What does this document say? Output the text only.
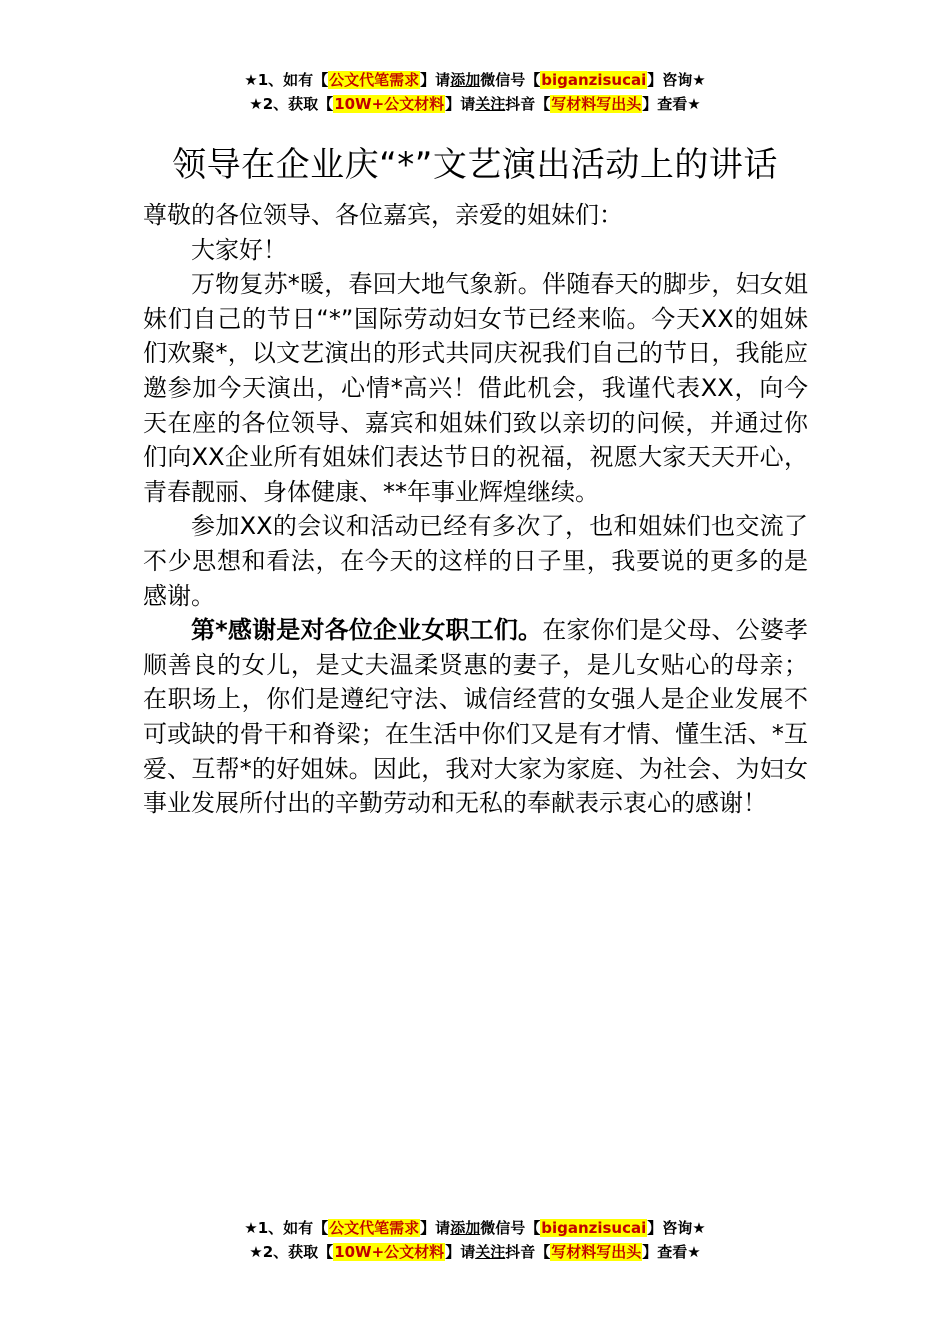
★1、如有【公文代笔需求】请添加微信号【biganzisucai】咨询★
★2、获取【10W+公文材料】请关注抖音【写材料写出头】查看★
领导在企业庆“*”文艺演出活动上的讲话

尊敬的各位领导、各位嘉宾，亲爱的姐妹们：

大家好！

万物复苏*暖，春回大地气象新。伴随春天的脚步，妇女姐妹们自己的节日“*”国际劳动妇女节已经来临。今天XX的姐妹们欢聚*，以文艺演出的形式共同庆祝我们自己的节日，我能应邀参加今天演出，心情*高兴！借此机会，我谨代表XX，向今天在座的各位领导、嘉宾和姐妹们致以亲切的问候，并通过你们向XX企业所有姐妹们表达节日的祝福，祝愿大家天天开心，青春靓丽、身体健康、**年事业辉煌继续。

参加XX的会议和活动已经有多次了，也和姐妹们也交流了不少思想和看法，在今天的这样的日子里，我要说的更多的是感谢。

第*感谢是对各位企业女职工们。在家你们是父母、公婆孝顺善良的女儿，是丈夫温柔贤惠的妻子，是儿女贴心的母亲；在职场上，你们是遵纪守法、诚信经营的女强人是企业发展不可或缺的骨干和脊梁；在生活中你们又是有才情、懂生活、*互爱、互帮*的好姐妹。因此，我对大家为家庭、为社会、为妇女事业发展所付出的辛勤劳动和无私的奉献表示衷心的感谢！

★1、如有【公文代笔需求】请添加微信号【biganzisucai】咨询★
★2、获取【10W+公文材料】请关注抖音【写材料写出头】查看★
